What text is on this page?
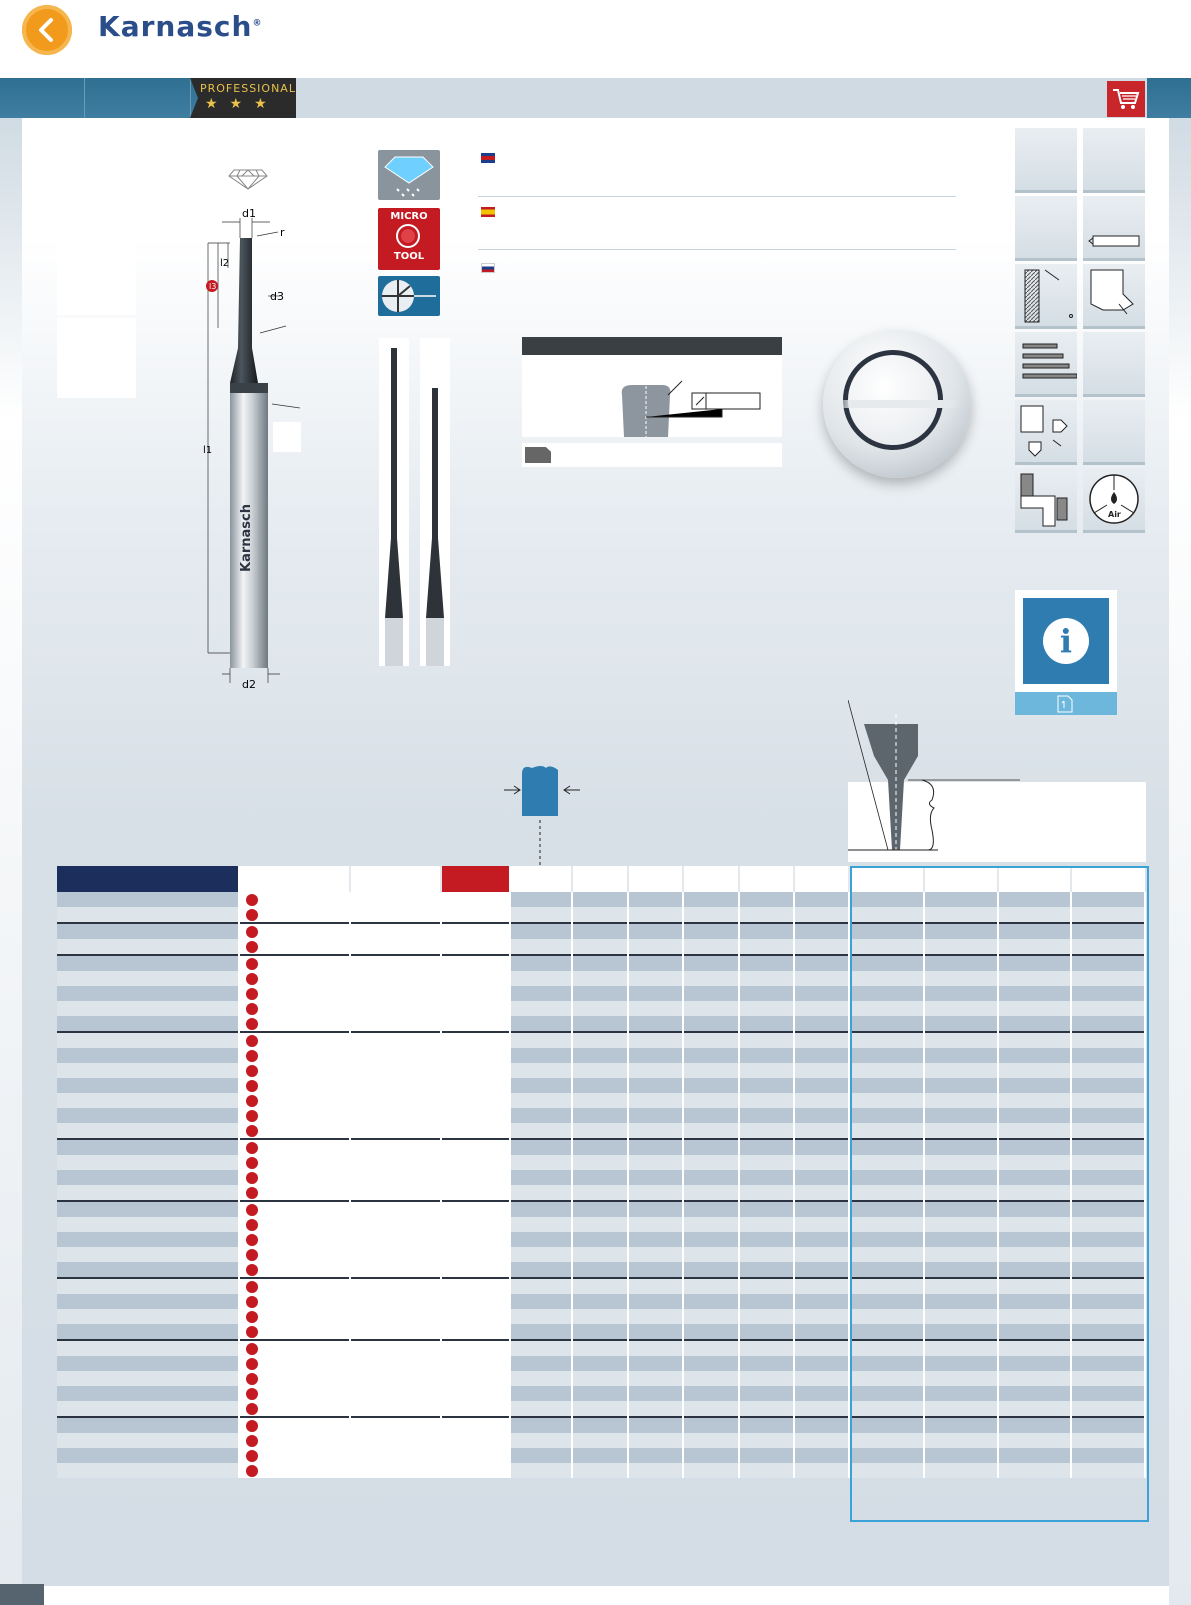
Karnasch®
PROFESSIONAL
★★★
Karnasch
d1
r
l2
l3
d3
l1
d2
MICRO
TOOL
Air
i
